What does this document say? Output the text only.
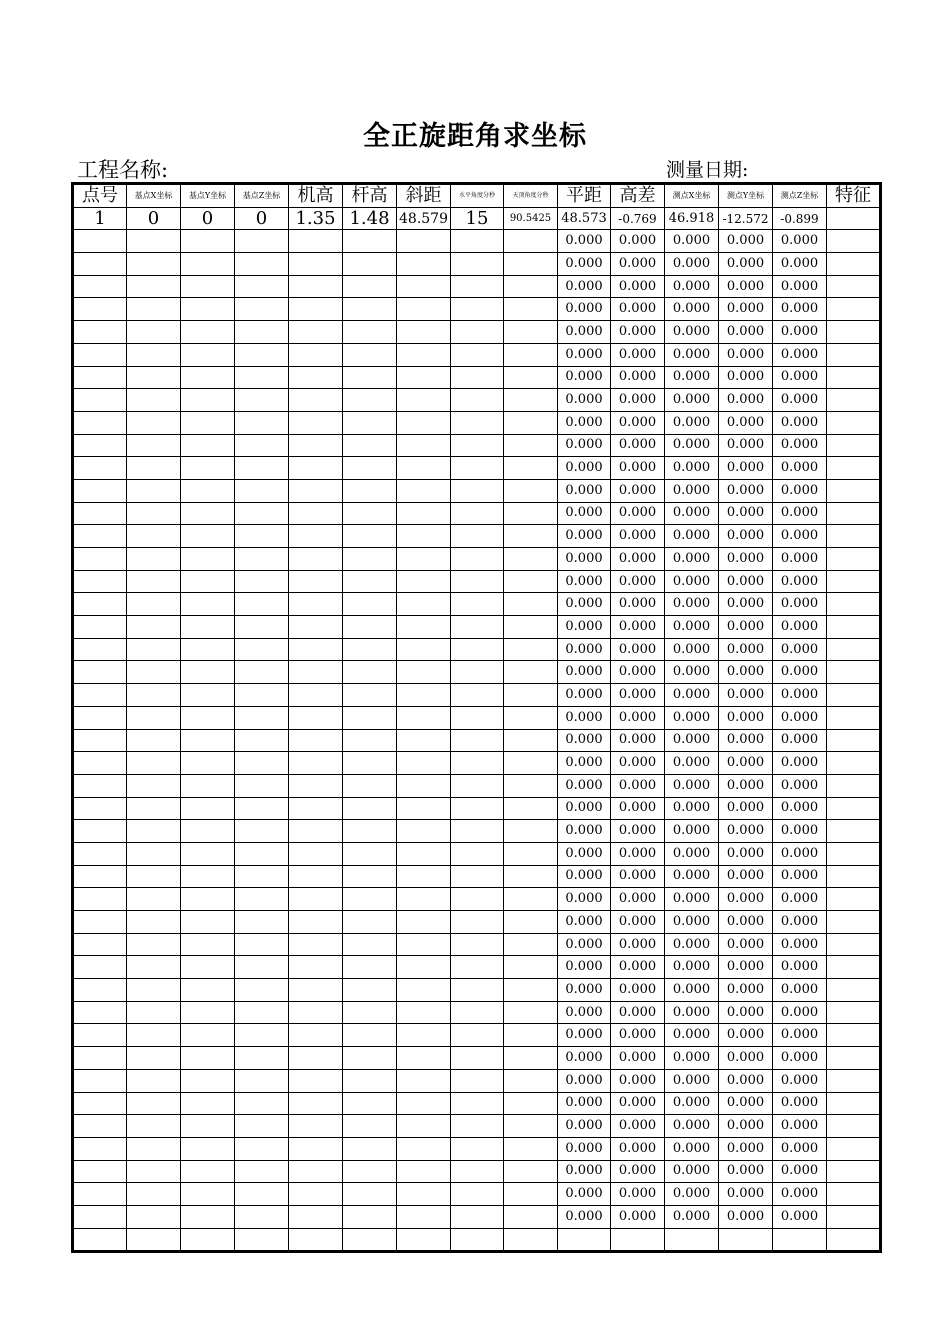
全正旋距角求坐标
工程名称:	测量日期:
点号	基点X坐标	基点Y坐标	基点Z坐标	机高	杆高	斜距	水平角度分秒	天顶角度分秒	平距	高差	测点X坐标	测点Y坐标	测点Z坐标	特征
1	0	0	0	1.35	1.48	48.579	15	90.5425	48.573	-0.769	46.918	-12.572	-0.899	
									0.000	0.000	0.000	0.000	0.000	
									0.000	0.000	0.000	0.000	0.000	
									0.000	0.000	0.000	0.000	0.000	
									0.000	0.000	0.000	0.000	0.000	
									0.000	0.000	0.000	0.000	0.000	
									0.000	0.000	0.000	0.000	0.000	
									0.000	0.000	0.000	0.000	0.000	
									0.000	0.000	0.000	0.000	0.000	
									0.000	0.000	0.000	0.000	0.000	
									0.000	0.000	0.000	0.000	0.000	
									0.000	0.000	0.000	0.000	0.000	
									0.000	0.000	0.000	0.000	0.000	
									0.000	0.000	0.000	0.000	0.000	
									0.000	0.000	0.000	0.000	0.000	
									0.000	0.000	0.000	0.000	0.000	
									0.000	0.000	0.000	0.000	0.000	
									0.000	0.000	0.000	0.000	0.000	
									0.000	0.000	0.000	0.000	0.000	
									0.000	0.000	0.000	0.000	0.000	
									0.000	0.000	0.000	0.000	0.000	
									0.000	0.000	0.000	0.000	0.000	
									0.000	0.000	0.000	0.000	0.000	
									0.000	0.000	0.000	0.000	0.000	
									0.000	0.000	0.000	0.000	0.000	
									0.000	0.000	0.000	0.000	0.000	
									0.000	0.000	0.000	0.000	0.000	
									0.000	0.000	0.000	0.000	0.000	
									0.000	0.000	0.000	0.000	0.000	
									0.000	0.000	0.000	0.000	0.000	
									0.000	0.000	0.000	0.000	0.000	
									0.000	0.000	0.000	0.000	0.000	
									0.000	0.000	0.000	0.000	0.000	
									0.000	0.000	0.000	0.000	0.000	
									0.000	0.000	0.000	0.000	0.000	
									0.000	0.000	0.000	0.000	0.000	
									0.000	0.000	0.000	0.000	0.000	
									0.000	0.000	0.000	0.000	0.000	
									0.000	0.000	0.000	0.000	0.000	
									0.000	0.000	0.000	0.000	0.000	
									0.000	0.000	0.000	0.000	0.000	
									0.000	0.000	0.000	0.000	0.000	
									0.000	0.000	0.000	0.000	0.000	
									0.000	0.000	0.000	0.000	0.000	
									0.000	0.000	0.000	0.000	0.000	
